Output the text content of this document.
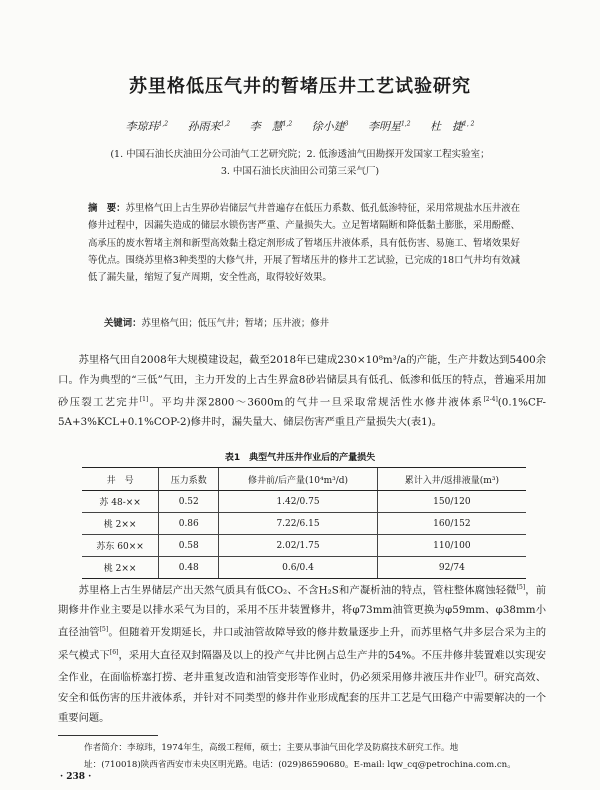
苏里格低压气井的暂堵压井工艺试验研究
李琼玮$^{1,2}$ 孙雨来$^{1,2}$ 李　慧$^{1,2}$ 徐小建$^3$ 李明星$^{1,2}$ 杜　捷$^{1, 2}$
(1. 中国石油长庆油田分公司油气工艺研究院；2. 低渗透油气田勘探开发国家工程实验室；
3. 中国石油长庆油田公司第三采气厂)
摘　要：苏里格气田上古生界砂岩储层气井普遍存在低压力系数、低孔低渗特征，采用常规盐水压井液在修井过程中，因漏失造成的储层水锁伤害严重、产量损失大。立足暂堵隔断和降低黏土膨胀，采用酚醛、高承压的废水暂堵主剂和新型高效黏土稳定剂形成了暂堵压井液体系，具有低伤害、易施工、暂堵效果好等优点。围绕苏里格3种类型的大修气井，开展了暂堵压井的修井工艺试验，已完成的18口气井均有效减低了漏失量，缩短了复产周期，安全性高，取得较好效果。
关键词：苏里格气田；低压气井；暂堵；压井液；修井
苏里格气田自2008年大规模建设起，截至2018年已建成230×10⁸m³/a的产能，生产井数达到5400余口。作为典型的“三低”气田，主力开发的上古生界盒8砂岩储层具有低孔、低渗和低压的特点，普遍采用加砂压裂工艺完井[1]。平均井深2800～3600m的气井一旦采取常规活性水修井液体系[2-4](0.1%CF-5A+3%KCL+0.1%COP-2)修井时，漏失量大、储层伤害严重且产量损失大(表1)。
表1　典型气井压井作业后的产量损失
井　号	压力系数	修井前/后产量(10⁴m³/d)	累计入井/返排液量(m³)
苏 48-××	0.52	1.42/0.75	150/120
桃 2××	0.86	7.22/6.15	160/152
苏东 60××	0.58	2.02/1.75	110/100
桃 2××	0.48	0.6/0.4	92/74
苏里格上古生界储层产出天然气质具有低CO₂、不含H₂S和产凝析油的特点，管柱整体腐蚀轻微[5]，前期修井作业主要是以排水采气为目的，采用不压井装置修井，将φ73mm油管更换为φ59mm、φ38mm小直径油管[5]。但随着开发期延长，井口或油管故障导致的修井数量逐步上升，而苏里格气井多层合采为主的采气模式下[6]，采用大直径双封隔器及以上的投产气井比例占总生产井的54%。不压井修井装置难以实现安全作业，在面临桥塞打捞、老井重复改造和油管变形等作业时，仍必须采用修井液压井作业[7]。研究高效、安全和低伤害的压井液体系，并针对不同类型的修井作业形成配套的压井工艺是气田稳产中需要解决的一个重要问题。
作者简介：李琼玮，1974年生，高级工程师，硕士；主要从事油气田化学及防腐技术研究工作。地
址：(710018)陕西省西安市未央区明光路。电话：(029)86590680。E-mail: lqw_cq@petrochina.com.cn。
· 238 ·
